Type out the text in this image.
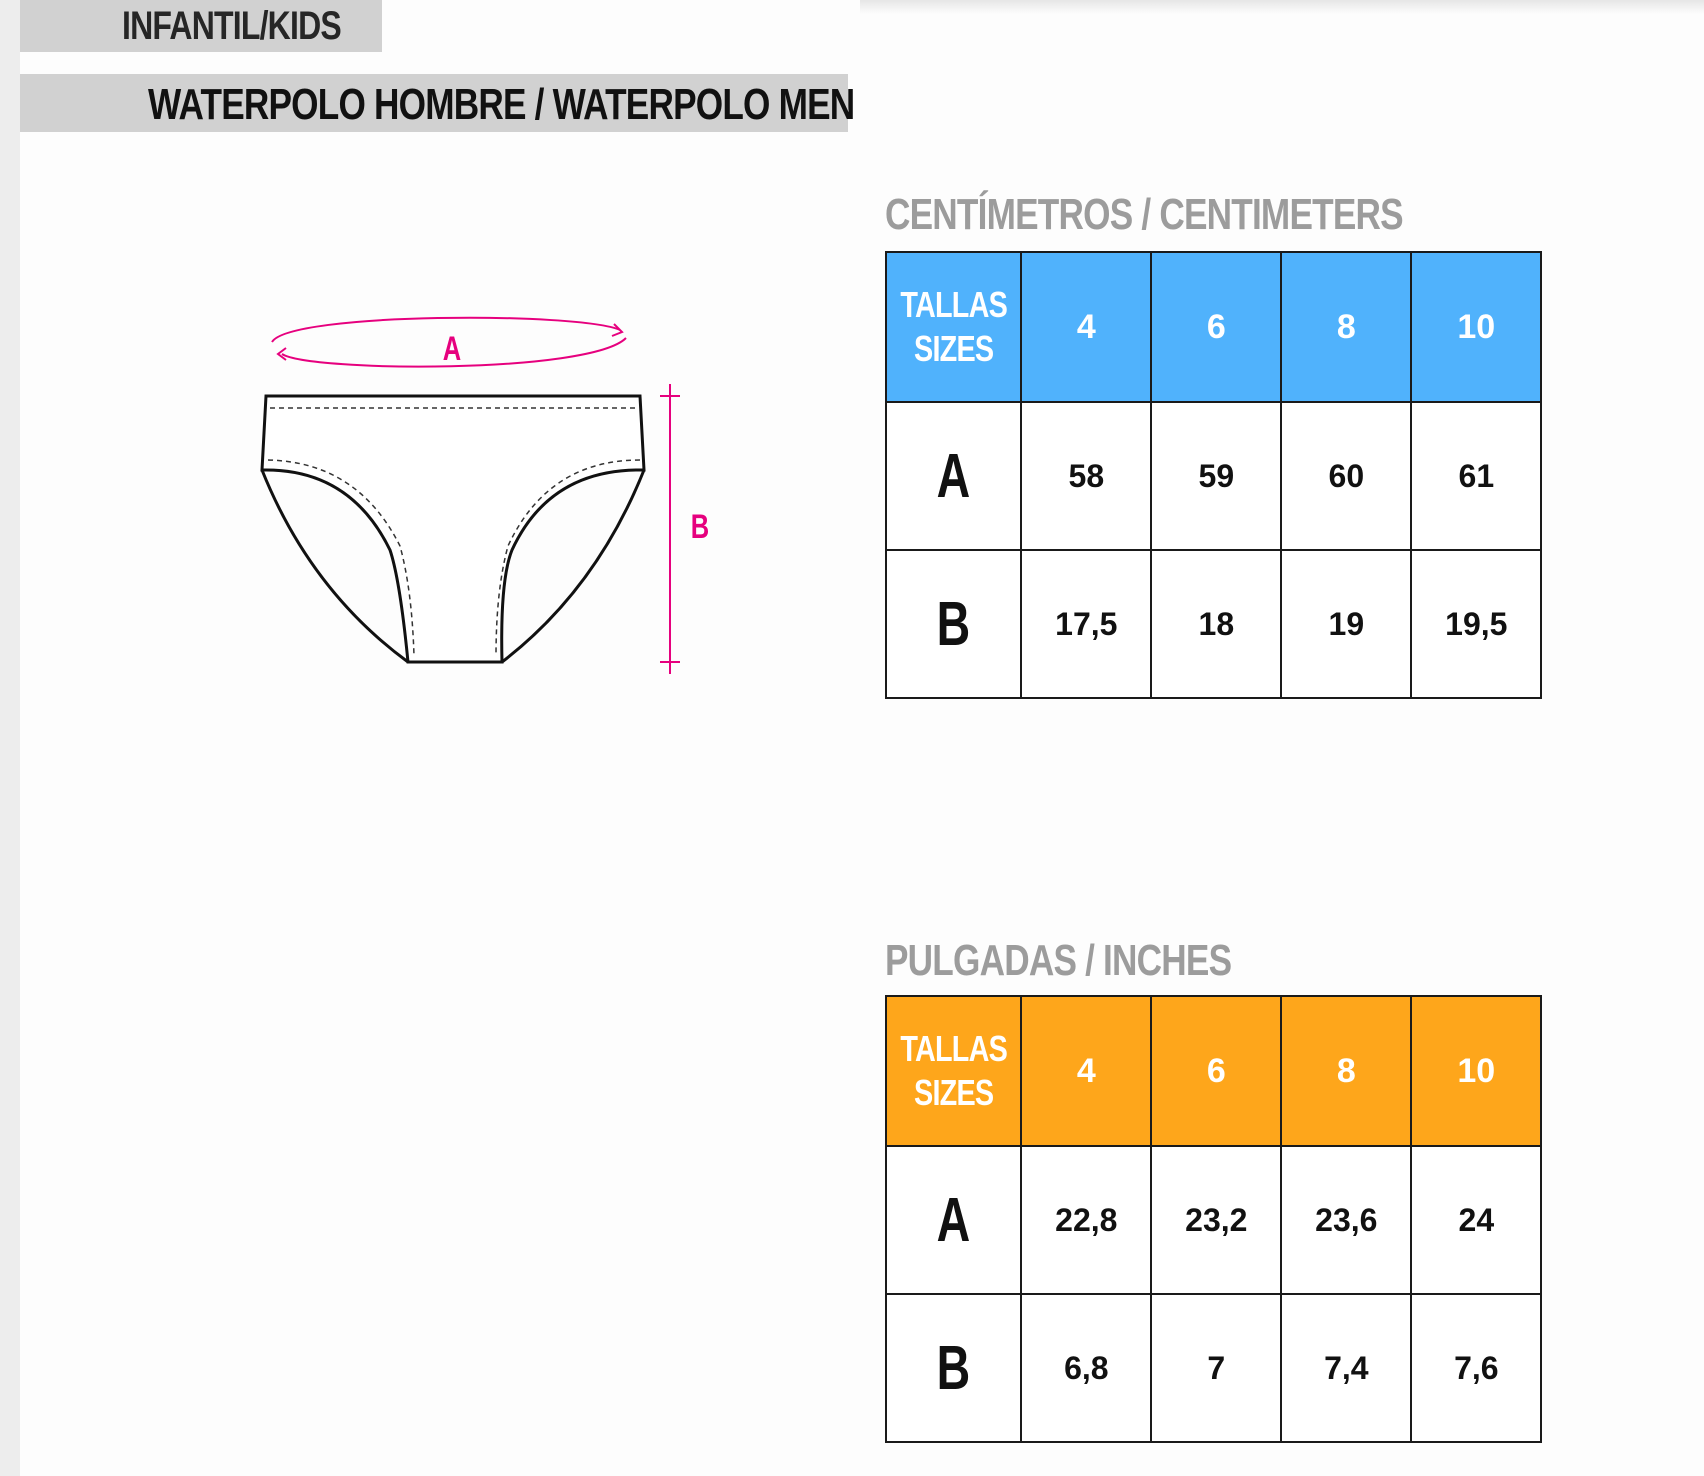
INFANTIL/KIDS
WATERPOLO HOMBRE / WATERPOLO MEN
A
B
CENTÍMETROS / CENTIMETERS
TALLAS
SIZES	4	6	8	10
A	58	59	60	61
B	17,5	18	19	19,5
PULGADAS / INCHES
TALLAS
SIZES	4	6	8	10
A	22,8	23,2	23,6	24
B	6,8	7	7,4	7,6
